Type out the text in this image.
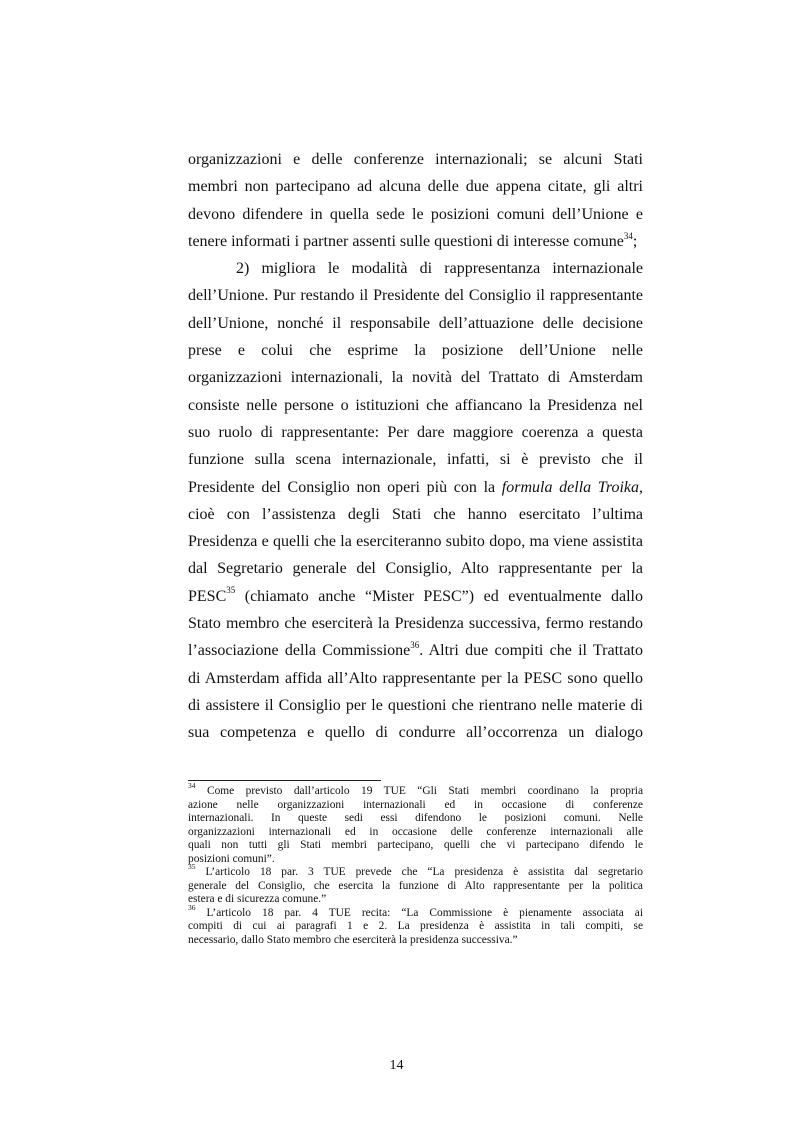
organizzazioni e delle conferenze internazionali; se alcuni Stati
membri non partecipano ad alcuna delle due appena citate, gli altri
devono difendere in quella sede le posizioni comuni dell’Unione e
tenere informati i partner assenti sulle questioni di interesse comune$^{34}$;
2) migliora le modalità di rappresentanza internazionale
dell’Unione. Pur restando il Presidente del Consiglio il rappresentante
dell’Unione, nonché il responsabile dell’attuazione delle decisione
prese e colui che esprime la posizione dell’Unione nelle
organizzazioni internazionali, la novità del Trattato di Amsterdam
consiste nelle persone o istituzioni che affiancano la Presidenza nel
suo ruolo di rappresentante: Per dare maggiore coerenza a questa
funzione sulla scena internazionale, infatti, si è previsto che il
Presidente del Consiglio non operi più con la formula della Troika,
cioè con l’assistenza degli Stati che hanno esercitato l’ultima
Presidenza e quelli che la eserciteranno subito dopo, ma viene assistita
dal Segretario generale del Consiglio, Alto rappresentante per la
PESC$^{35}$ (chiamato anche “Mister PESC”) ed eventualmente dallo
Stato membro che eserciterà la Presidenza successiva, fermo restando
l’associazione della Commissione$^{36}$. Altri due compiti che il Trattato
di Amsterdam affida all’Alto rappresentante per la PESC sono quello
di assistere il Consiglio per le questioni che rientrano nelle materie di
sua competenza e quello di condurre all’occorrenza un dialogo
$^{34}$ Come previsto dall’articolo 19 TUE “Gli Stati membri coordinano la propria
azione nelle organizzazioni internazionali ed in occasione di conferenze
internazionali. In queste sedi essi difendono le posizioni comuni. Nelle
organizzazioni internazionali ed in occasione delle conferenze internazionali alle
quali non tutti gli Stati membri partecipano, quelli che vi partecipano difendo le
posizioni comuni”.
$^{35}$ L’articolo 18 par. 3 TUE prevede che “La presidenza è assistita dal segretario
generale del Consiglio, che esercita la funzione di Alto rappresentante per la politica
estera e di sicurezza comune.”
$^{36}$ L’articolo 18 par. 4 TUE recita: “La Commissione è pienamente associata ai
compiti di cui ai paragrafi 1 e 2. La presidenza è assistita in tali compiti, se
necessario, dallo Stato membro che eserciterà la presidenza successiva.”
14
